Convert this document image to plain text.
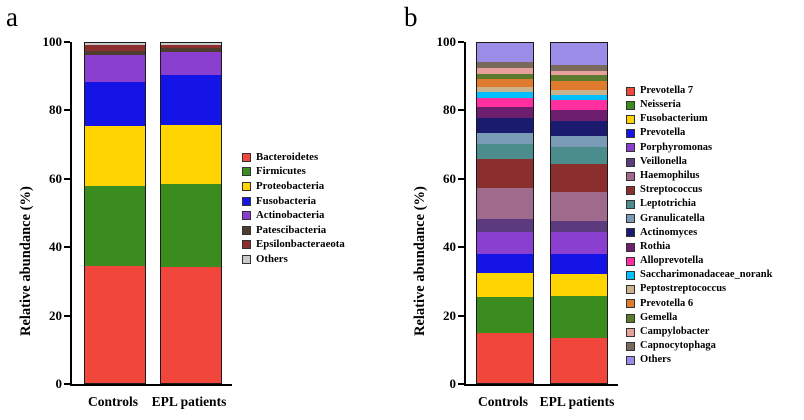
a
Relative abundance (%)
0
20
40
60
80
100
Controls EPL patients
Bacteroidetes
Firmicutes
Proteobacteria
Fusobacteria
Actinobacteria
Patescibacteria
Epsilonbacteraeota
Others
b
Relative abundance (%)
0
20
40
60
80
100
Controls EPL patients
Prevotella 7
Neisseria
Fusobacterium
Prevotella
Porphyromonas
Veillonella
Haemophilus
Streptococcus
Leptotrichia
Granulicatella
Actinomyces
Rothia
Alloprevotella
Saccharimonadaceae_norank
Peptostreptococcus
Prevotella 6
Gemella
Campylobacter
Capnocytophaga
Others
